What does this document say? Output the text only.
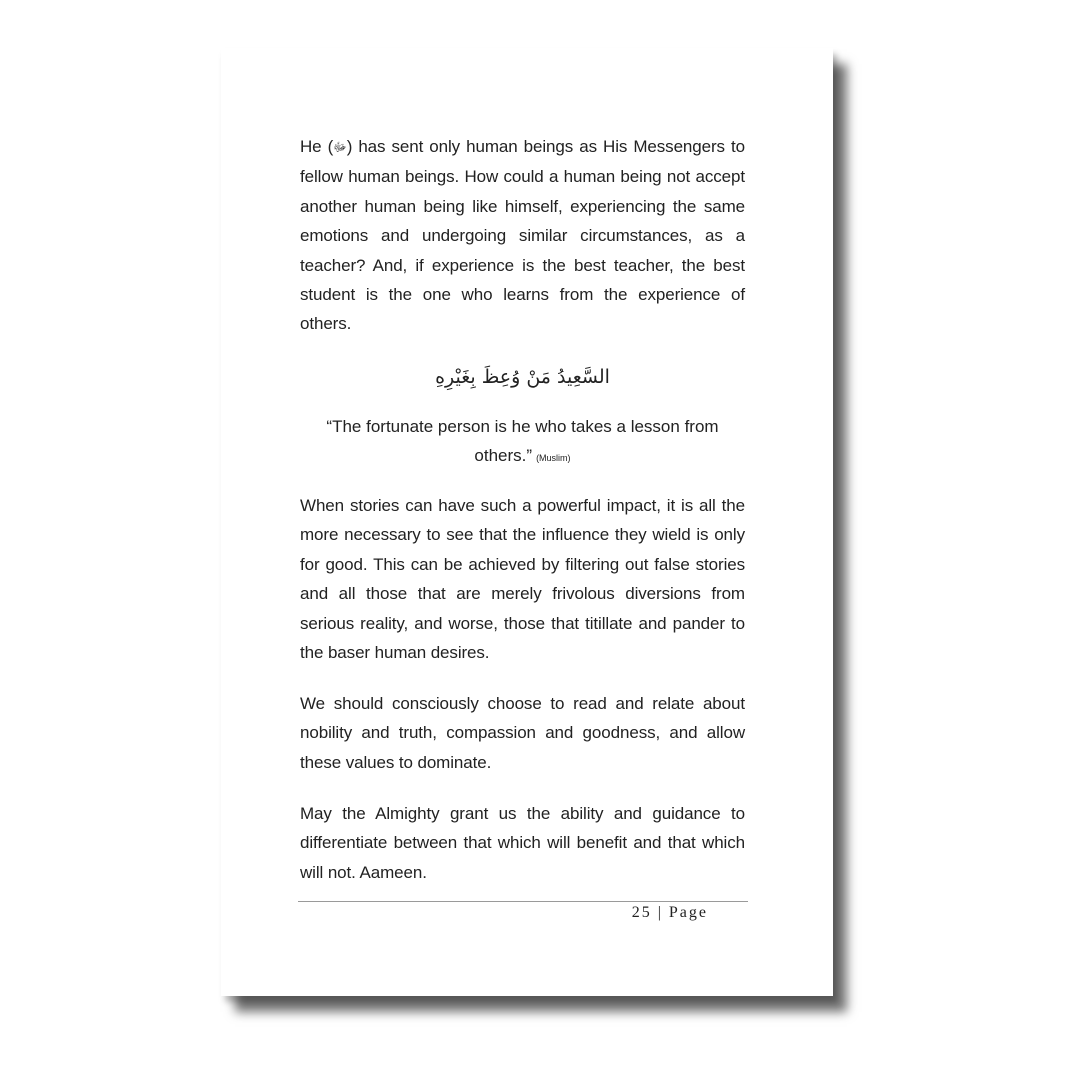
He (ﷻ) has sent only human beings as His Messengers to fellow human beings. How could a human being not accept another human being like himself, experiencing the same emotions and undergoing similar circumstances, as a teacher? And, if experience is the best teacher, the best student is the one who learns from the experience of others.
السَّعِيدُ مَنْ وُعِظَ بِغَيْرِهِ
“The fortunate person is he who takes a lesson from others.” (Muslim)
When stories can have such a powerful impact, it is all the more necessary to see that the influence they wield is only for good. This can be achieved by filtering out false stories and all those that are merely frivolous diversions from serious reality, and worse, those that titillate and pander to the baser human desires.
We should consciously choose to read and relate about nobility and truth, compassion and goodness, and allow these values to dominate.
May the Almighty grant us the ability and guidance to differentiate between that which will benefit and that which will not. Aameen.
25 | Page
